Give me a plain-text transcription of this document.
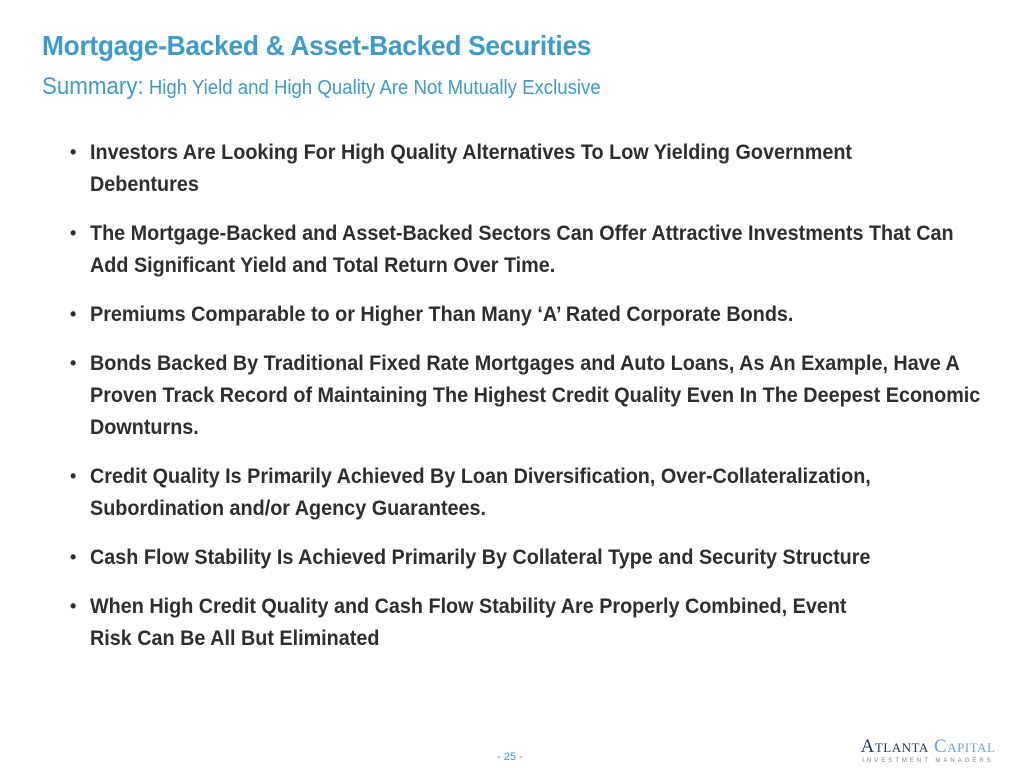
Mortgage-Backed & Asset-Backed Securities
Summary: High Yield and High Quality Are Not Mutually Exclusive
• Investors Are Looking For High Quality Alternatives To Low Yielding Government Debentures
• The Mortgage-Backed and Asset-Backed Sectors Can Offer Attractive Investments That Can Add Significant Yield and Total Return Over Time.
• Premiums Comparable to or Higher Than Many ‘A’ Rated Corporate Bonds.
• Bonds Backed By Traditional Fixed Rate Mortgages and Auto Loans, As An Example, Have A Proven Track Record of Maintaining The Highest Credit Quality Even In The Deepest Economic Downturns.
• Credit Quality Is Primarily Achieved By Loan Diversification, Over-Collateralization, Subordination and/or Agency Guarantees.
• Cash Flow Stability Is Achieved Primarily By Collateral Type and Security Structure
• When High Credit Quality and Cash Flow Stability Are Properly Combined, Event Risk Can Be All But Eliminated
- 25 -	Atlanta Capital
INVESTMENT MANAGERS
